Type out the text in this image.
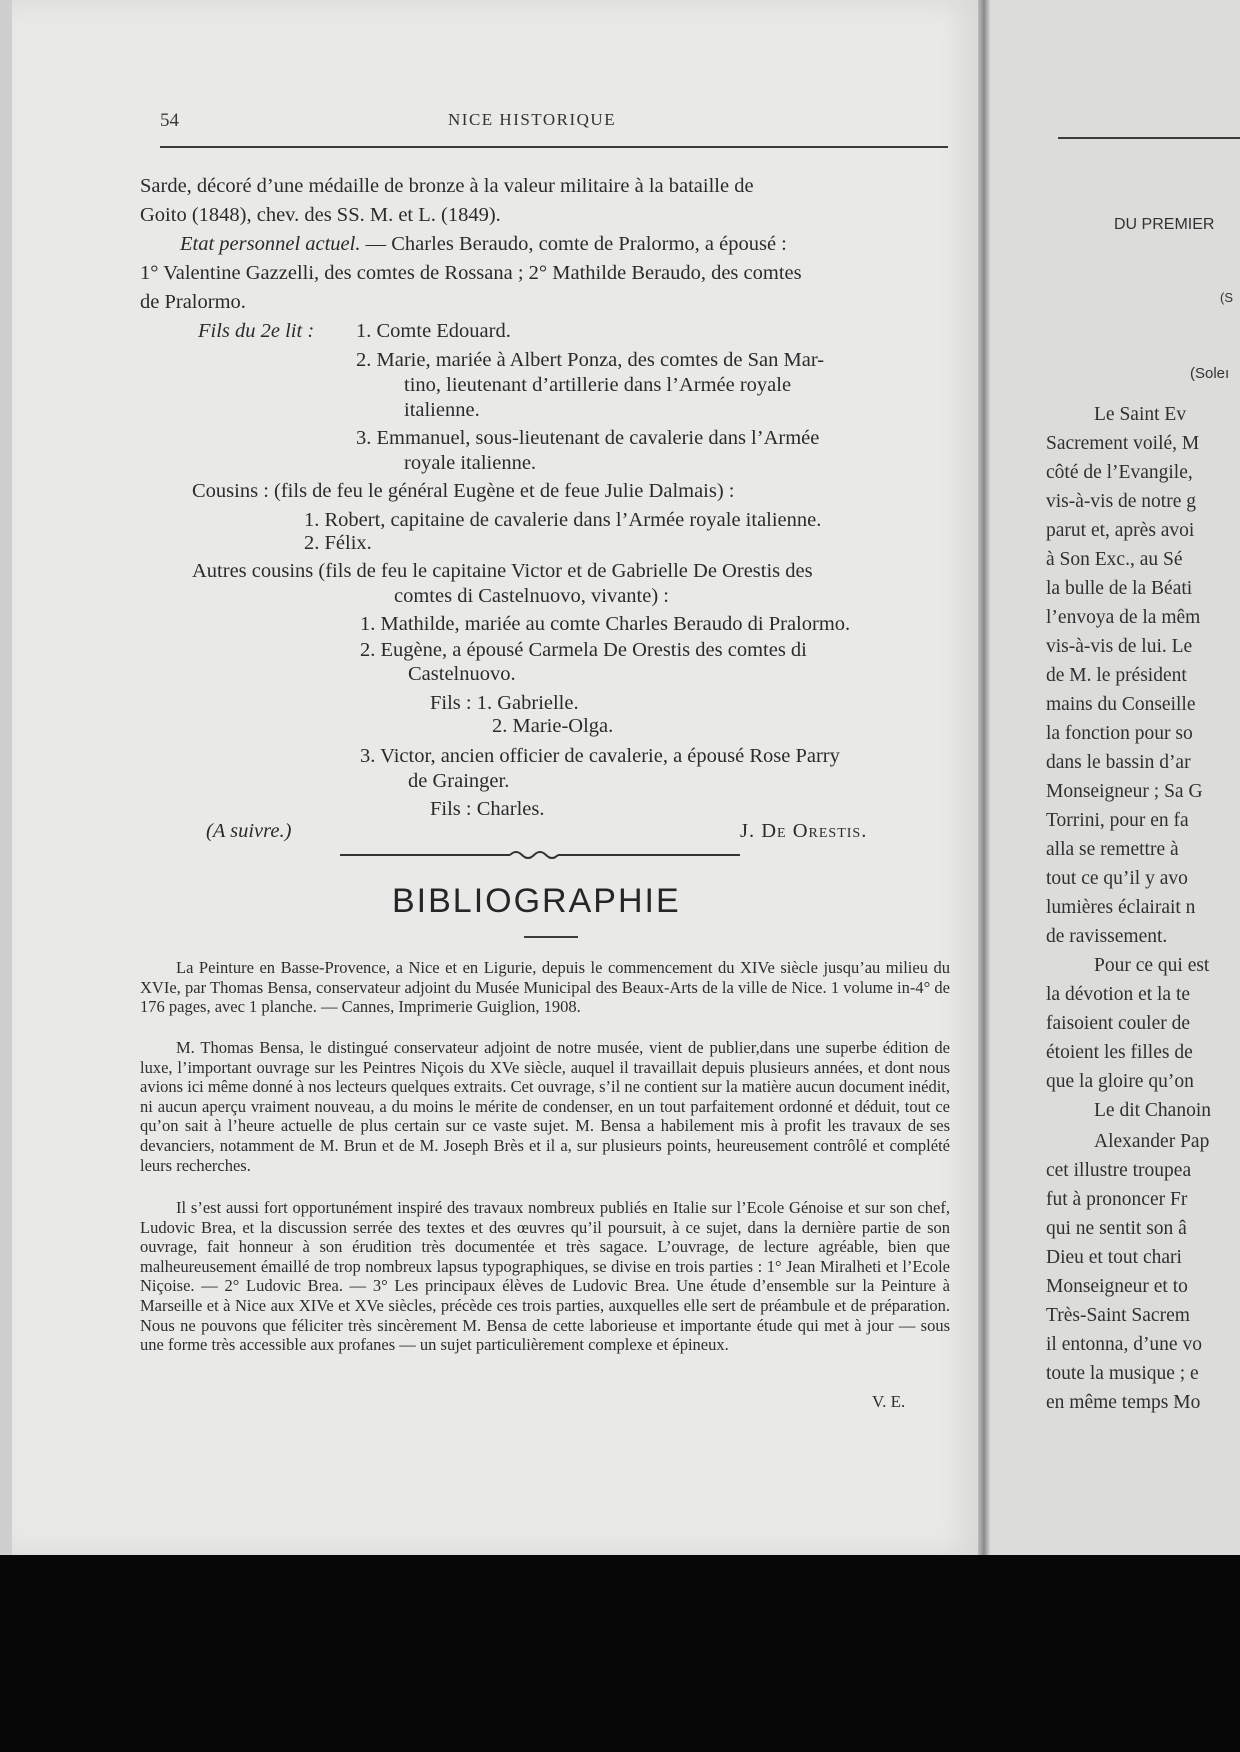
54	NICE HISTORIQUE
Sarde, décoré d’une médaille de bronze à la valeur militaire à la bataille de
Goito (1848), chev. des SS. M. et L. (1849).
Etat personnel actuel. — Charles Beraudo, comte de Pralormo, a épousé :
1° Valentine Gazzelli, des comtes de Rossana ; 2° Mathilde Beraudo, des comtes
de Pralormo.
Fils du 2e lit : 1. Comte Edouard.
2. Marie, mariée à Albert Ponza, des comtes de San Mar-
tino, lieutenant d’artillerie dans l’Armée royale
italienne.
3. Emmanuel, sous-lieutenant de cavalerie dans l’Armée
royale italienne.
Cousins : (fils de feu le général Eugène et de feue Julie Dalmais) :
1. Robert, capitaine de cavalerie dans l’Armée royale italienne.
2. Félix.
Autres cousins (fils de feu le capitaine Victor et de Gabrielle De Orestis des
comtes di Castelnuovo, vivante) :
1. Mathilde, mariée au comte Charles Beraudo di Pralormo.
2. Eugène, a épousé Carmela De Orestis des comtes di
Castelnuovo.
Fils : 1. Gabrielle.
2. Marie-Olga.
3. Victor, ancien officier de cavalerie, a épousé Rose Parry
de Grainger.
Fils : Charles.
(A suivre.)	J. De Orestis.
BIBLIOGRAPHIE
La Peinture en Basse-Provence, a Nice et en Ligurie, depuis le commencement du XIVe siècle jusqu’au milieu du XVIe, par Thomas Bensa, conservateur adjoint du Musée Municipal des Beaux-Arts de la ville de Nice. 1 volume in-4° de 176 pages, avec 1 planche. — Cannes, Imprimerie Guiglion, 1908.
M. Thomas Bensa, le distingué conservateur adjoint de notre musée, vient de publier,dans une superbe édition de luxe, l’important ouvrage sur les Peintres Niçois du XVe siècle, auquel il travaillait depuis plusieurs années, et dont nous avions ici même donné à nos lecteurs quelques extraits. Cet ouvrage, s’il ne contient sur la matière aucun document inédit, ni aucun aperçu vraiment nouveau, a du moins le mérite de condenser, en un tout parfaitement ordonné et déduit, tout ce qu’on sait à l’heure actuelle de plus certain sur ce vaste sujet. M. Bensa a habilement mis à profit les travaux de ses devanciers, notamment de M. Brun et de M. Joseph Brès et il a, sur plusieurs points, heureusement contrôlé et complété leurs recherches.
Il s’est aussi fort opportunément inspiré des travaux nombreux publiés en Italie sur l’Ecole Génoise et sur son chef, Ludovic Brea, et la discussion serrée des textes et des œuvres qu’il poursuit, à ce sujet, dans la dernière partie de son ouvrage, fait honneur à son érudition très documentée et très sagace. L’ouvrage, de lecture agréable, bien que malheureusement émaillé de trop nombreux lapsus typographiques, se divise en trois parties : 1° Jean Miralheti et l’Ecole Niçoise. — 2° Ludovic Brea. — 3° Les principaux élèves de Ludovic Brea. Une étude d’ensemble sur la Peinture à Marseille et à Nice aux XIVe et XVe siècles, précède ces trois parties, auxquelles elle sert de préambule et de préparation. Nous ne pouvons que féliciter très sincèrement M. Bensa de cette laborieuse et importante étude qui met à jour — sous une forme très accessible aux profanes — un sujet particulièrement complexe et épineux.
V. E.
DU PREMIER
(S
(Soleı
Le Saint Ev
Sacrement voilé, M
côté de l’Evangile,
vis-à-vis de notre g
parut et, après avoi
à Son Exc., au Sé
la bulle de la Béati
l’envoya de la mêm
vis-à-vis de lui. Le
de M. le président
mains du Conseille
la fonction pour so
dans le bassin d’ar
Monseigneur ; Sa G
Torrini, pour en fa
alla se remettre à
tout ce qu’il y avo
lumières éclairait n
de ravissement.
Pour ce qui est
la dévotion et la te
faisoient couler de
étoient les filles de
que la gloire qu’on
Le dit Chanoin
Alexander Pap
cet illustre troupea
fut à prononcer Fr
qui ne sentit son â
Dieu et tout chari
Monseigneur et to
Très-Saint Sacrem
il entonna, d’une vo
toute la musique ; e
en même temps Mo
